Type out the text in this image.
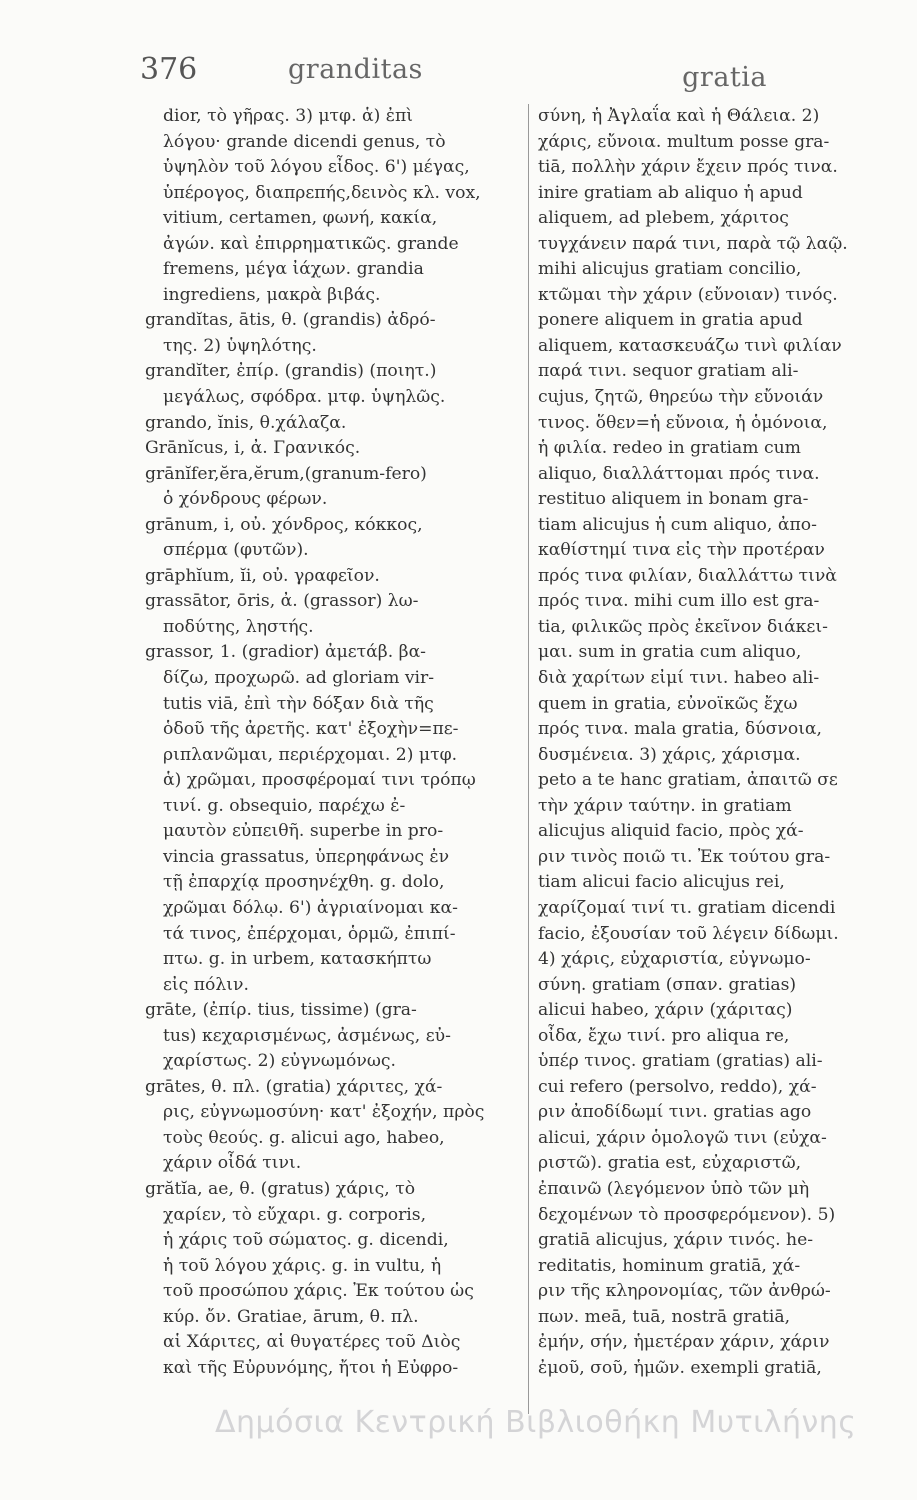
376	granditas	gratia
dior, τὸ γῆρας. 3) μτφ. ἁ) ἐπὶ
λόγου· grande dicendi genus, τὸ
ὑψηλὸν τοῦ λόγου εἶδος. 6') μέγας,
ὑπέρογος, διαπρεπής,δεινὸς κλ. vox,
vitium, certamen, φωνή, κακία,
ἀγών. καὶ ἐπιρρηματικῶς. grande
fremens, μέγα ἰάχων. grandia
ingrediens, μακρὰ βιβάς.
grandĭtas, ātis, θ. (grandis) ἀδρό-
της. 2) ὑψηλότης.
grandĭter, ἐπίρ. (grandis) (ποιητ.)
μεγάλως, σφόδρα. μτφ. ὑψηλῶς.
grando, ĭnis, θ.χάλαζα.
Grānĭcus, i, ἀ. Γρανικός.
grānĭfer,ĕra,ĕrum,(granum-fero)
ὁ χόνδρους φέρων.
grānum, i, οὐ. χόνδρος, κόκκος,
σπέρμα (φυτῶν).
grāphĭum, ĭi, οὐ. γραφεῖον.
grassātor, ōris, ἀ. (grassor) λω-
ποδύτης, ληστής.
grassor, 1. (gradior) ἀμετάβ. βα-
δίζω, προχωρῶ. ad gloriam vir-
tutis viā, ἐπὶ τὴν δόξαν διὰ τῆς
ὁδοῦ τῆς ἀρετῆς. κατ' ἐξοχὴν=πε-
ριπλανῶμαι, περιέρχομαι. 2) μτφ.
ἁ) χρῶμαι, προσφέρομαί τινι τρόπῳ
τινί. g. obsequio, παρέχω ἐ-
μαυτὸν εὐπειθῆ. superbe in pro-
vincia grassatus, ὑπερηφάνως ἐν
τῇ ἐπαρχίᾳ προσηνέχθη. g. dolo,
χρῶμαι δόλῳ. 6') ἀγριαίνομαι κα-
τά τινος, ἐπέρχομαι, ὁρμῶ, ἐπιπί-
πτω. g. in urbem, κατασκήπτω
εἰς πόλιν.
grāte, (ἐπίρ. tius, tissime) (gra-
tus) κεχαρισμένως, ἀσμένως, εὐ-
χαρίστως. 2) εὐγνωμόνως.
grātes, θ. πλ. (gratia) χάριτες, χά-
ρις, εὐγνωμοσύνη· κατ' ἐξοχήν, πρὸς
τοὺς θεούς. g. alicui ago, habeo,
χάριν οἶδά τινι.
grătĭa, ae, θ. (gratus) χάρις, τὸ
χαρίεν, τὸ εὔχαρι. g. corporis,
ἡ χάρις τοῦ σώματος. g. dicendi,
ἡ τοῦ λόγου χάρις. g. in vultu, ἡ
τοῦ προσώπου χάρις. Ἐκ τούτου ὡς
κύρ. ὄν. Gratiae, ārum, θ. πλ.
αἱ Χάριτες, αἱ θυγατέρες τοῦ Διὸς
καὶ τῆς Εὐρυνόμης, ἤτοι ἡ Εὐφρο-
σύνη, ἡ Ἀγλαΐα καὶ ἡ Θάλεια. 2)
χάρις, εὔνοια. multum posse gra-
tiā, πολλὴν χάριν ἔχειν πρός τινα.
inire gratiam ab aliquo ἡ apud
aliquem, ad plebem, χάριτος
τυγχάνειν παρά τινι, παρὰ τῷ λαῷ.
mihi alicujus gratiam concilio,
κτῶμαι τὴν χάριν (εὔνοιαν) τινός.
ponere aliquem in gratia apud
aliquem, κατασκευάζω τινὶ φιλίαν
παρά τινι. sequor gratiam ali-
cujus, ζητῶ, θηρεύω τὴν εὔνοιάν
τινος. ὅθεν=ἡ εὔνοια, ἡ ὁμόνοια,
ἡ φιλία. redeo in gratiam cum
aliquo, διαλλάττομαι πρός τινα.
restituo aliquem in bonam gra-
tiam alicujus ἡ cum aliquo, ἀπο-
καθίστημί τινα εἰς τὴν προτέραν
πρός τινα φιλίαν, διαλλάττω τινὰ
πρός τινα. mihi cum illo est gra-
tia, φιλικῶς πρὸς ἐκεῖνον διάκει-
μαι. sum in gratia cum aliquo,
διὰ χαρίτων εἰμί τινι. habeo ali-
quem in gratia, εὐνοϊκῶς ἔχω
πρός τινα. mala gratia, δύσνοια,
δυσμένεια. 3) χάρις, χάρισμα.
peto a te hanc gratiam, ἀπαιτῶ σε
τὴν χάριν ταύτην. in gratiam
alicujus aliquid facio, πρὸς χά-
ριν τινὸς ποιῶ τι. Ἐκ τούτου gra-
tiam alicui facio alicujus rei,
χαρίζομαί τινί τι. gratiam dicendi
facio, ἐξουσίαν τοῦ λέγειν δίδωμι.
4) χάρις, εὐχαριστία, εὐγνωμο-
σύνη. gratiam (σπαν. gratias)
alicui habeo, χάριν (χάριτας)
οἶδα, ἔχω τινί. pro aliqua re,
ὑπέρ τινος. gratiam (gratias) ali-
cui refero (persolvo, reddo), χά-
ριν ἀποδίδωμί τινι. gratias ago
alicui, χάριν ὁμολογῶ τινι (εὐχα-
ριστῶ). gratia est, εὐχαριστῶ,
ἐπαινῶ (λεγόμενον ὑπὸ τῶν μὴ
δεχομένων τὸ προσφερόμενον). 5)
gratiā alicujus, χάριν τινός. he-
reditatis, hominum gratiā, χά-
ριν τῆς κληρονομίας, τῶν ἀνθρώ-
πων. meā, tuā, nostrā gratiā,
ἐμήν, σήν, ἡμετέραν χάριν, χάριν
ἐμοῦ, σοῦ, ἡμῶν. exempli gratiā,
Δημόσια Κεντρική Βιβλιοθήκη Μυτιλήνης
